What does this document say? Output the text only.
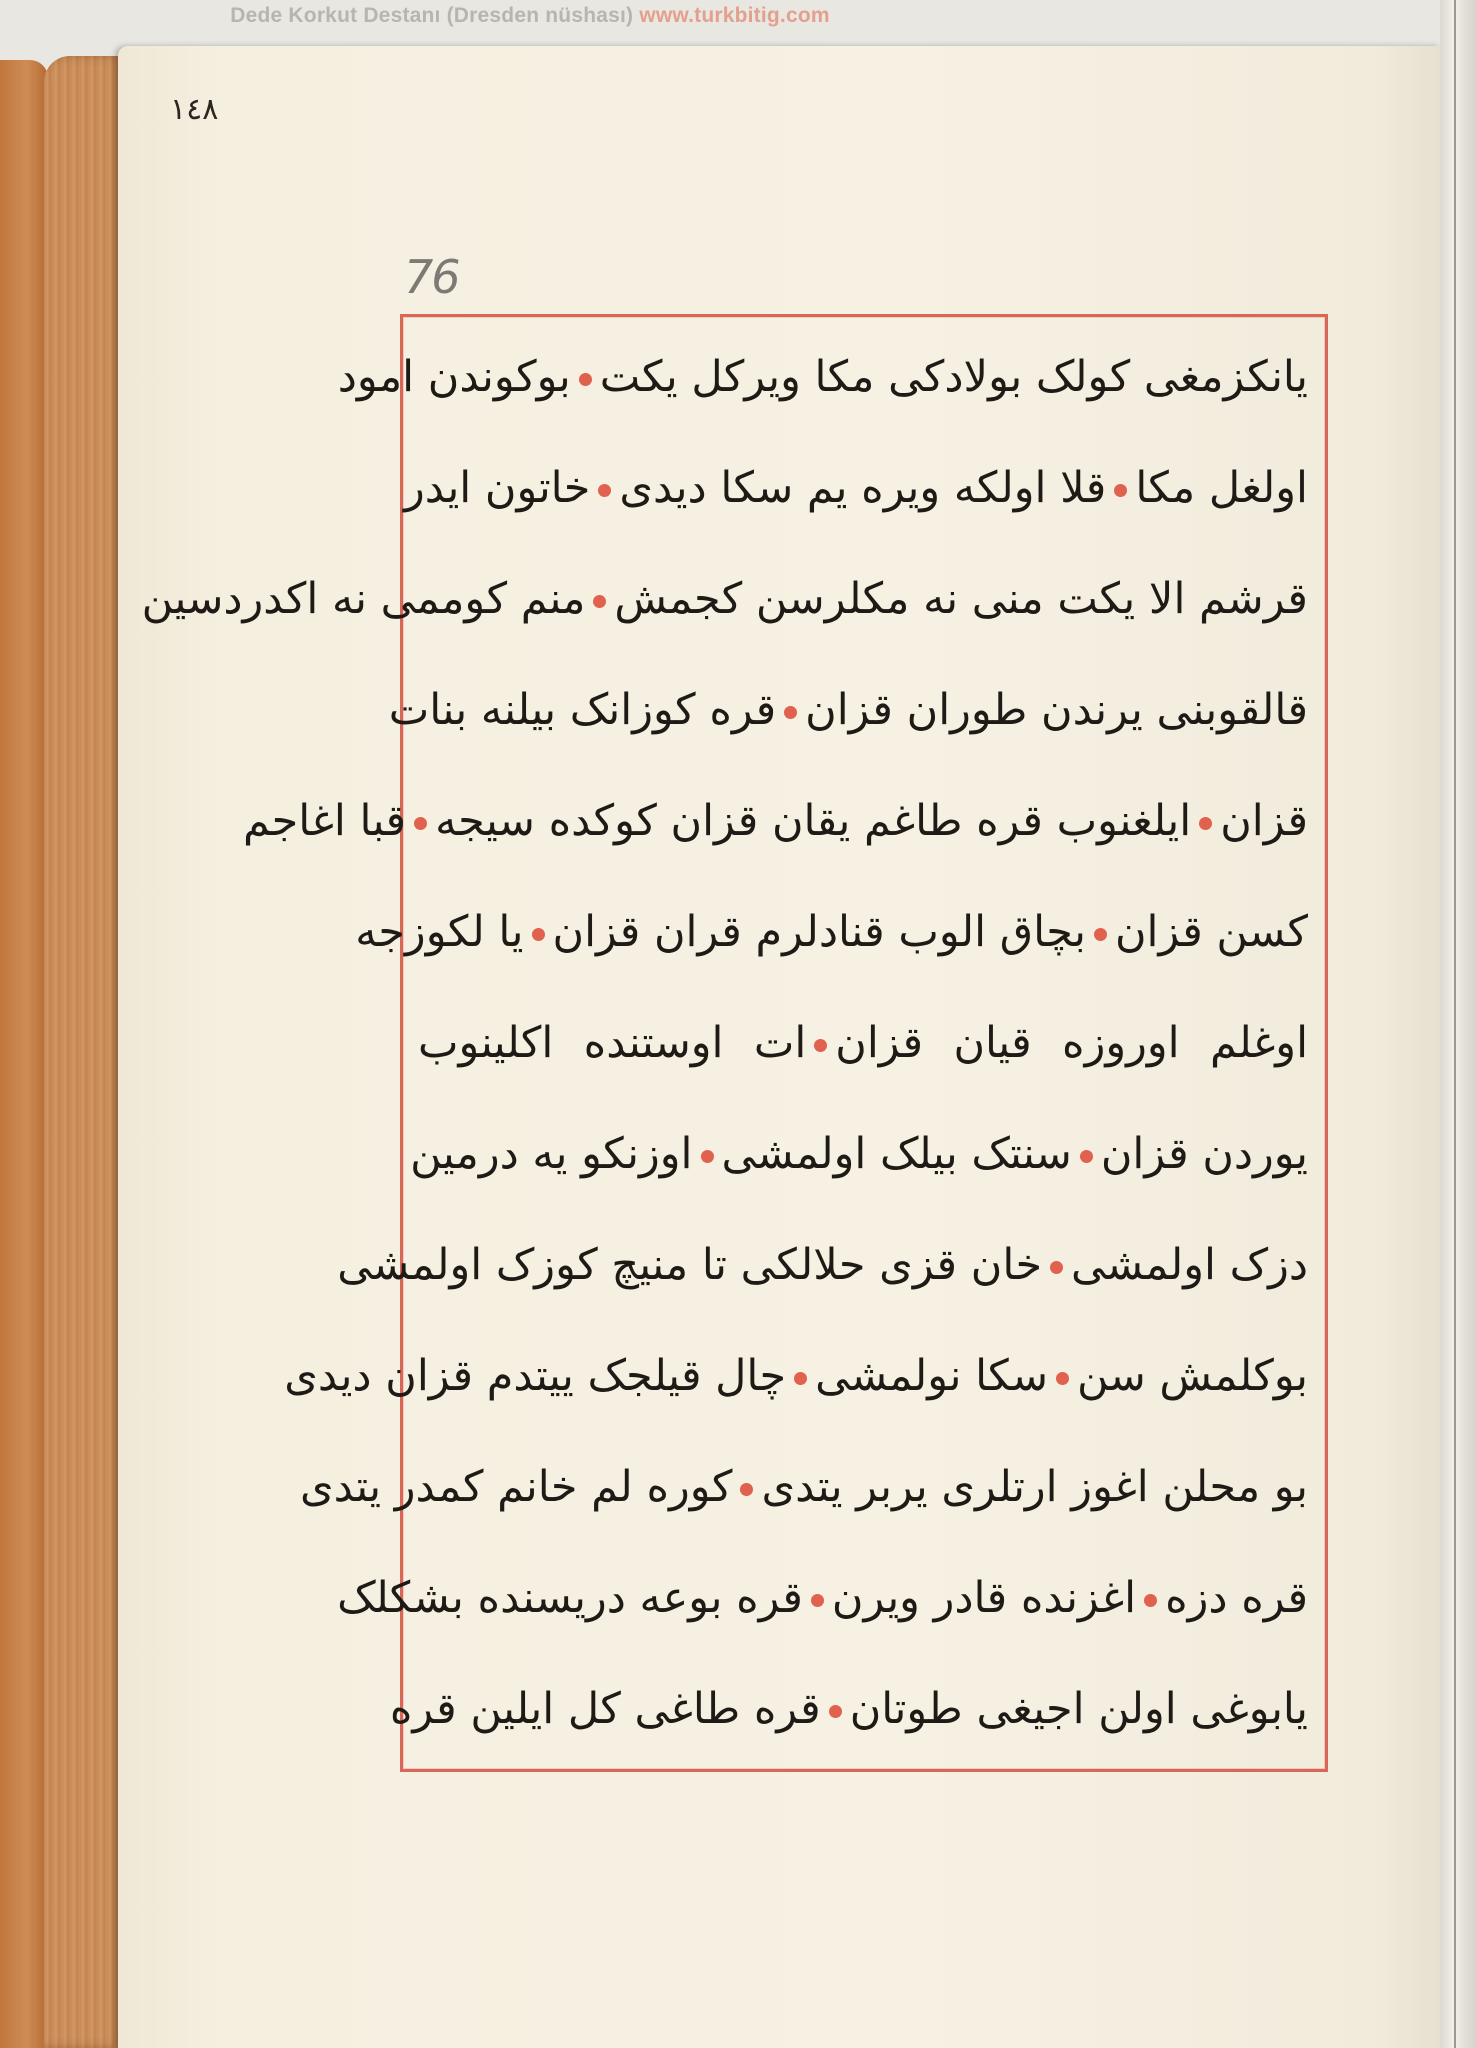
Dede Korkut Destanı (Dresden nüshası) www.turkbitig.com
١٤٨
76
یانکزمغی کولک بولادکی مکا ویرکل یکتبوکوندن امود
اولغل مکاقلا اولکه ویره یم سکا دیدیخاتون ایدر
قرشم الا یکت منی نه مکلرسن کجمشمنم کوممی نه اکدردسین
قالقوبنی یرندن طوران قزانقره کوزانک بیلنه بنات
قزانایلغنوب قره طاغم یقان قزان کوکده سیجهقبا اغاجم
کسن قزانبچاق الوب قنادلرم قران قزانیا لکوزجه
اوغلم اوروزه قیان قزانات اوستنده اکلینوب
یوردن قزانسنتک بیلک اولمشیاوزنکو یه درمین
دزک اولمشیخان قزی حلالکی تا منیچ کوزک اولمشی
بوکلمش سنسکا نولمشیچال قیلجک ییتدم قزان دیدی
بو محلن اغوز ارتلری یربر یتدیکوره لم خانم کمدر یتدی
قره دزهاغزنده قادر ویرنقره بوعه دریسنده بشکلک
یابوغی اولن اجیغی طوتانقره طاغی کل ایلین قره
